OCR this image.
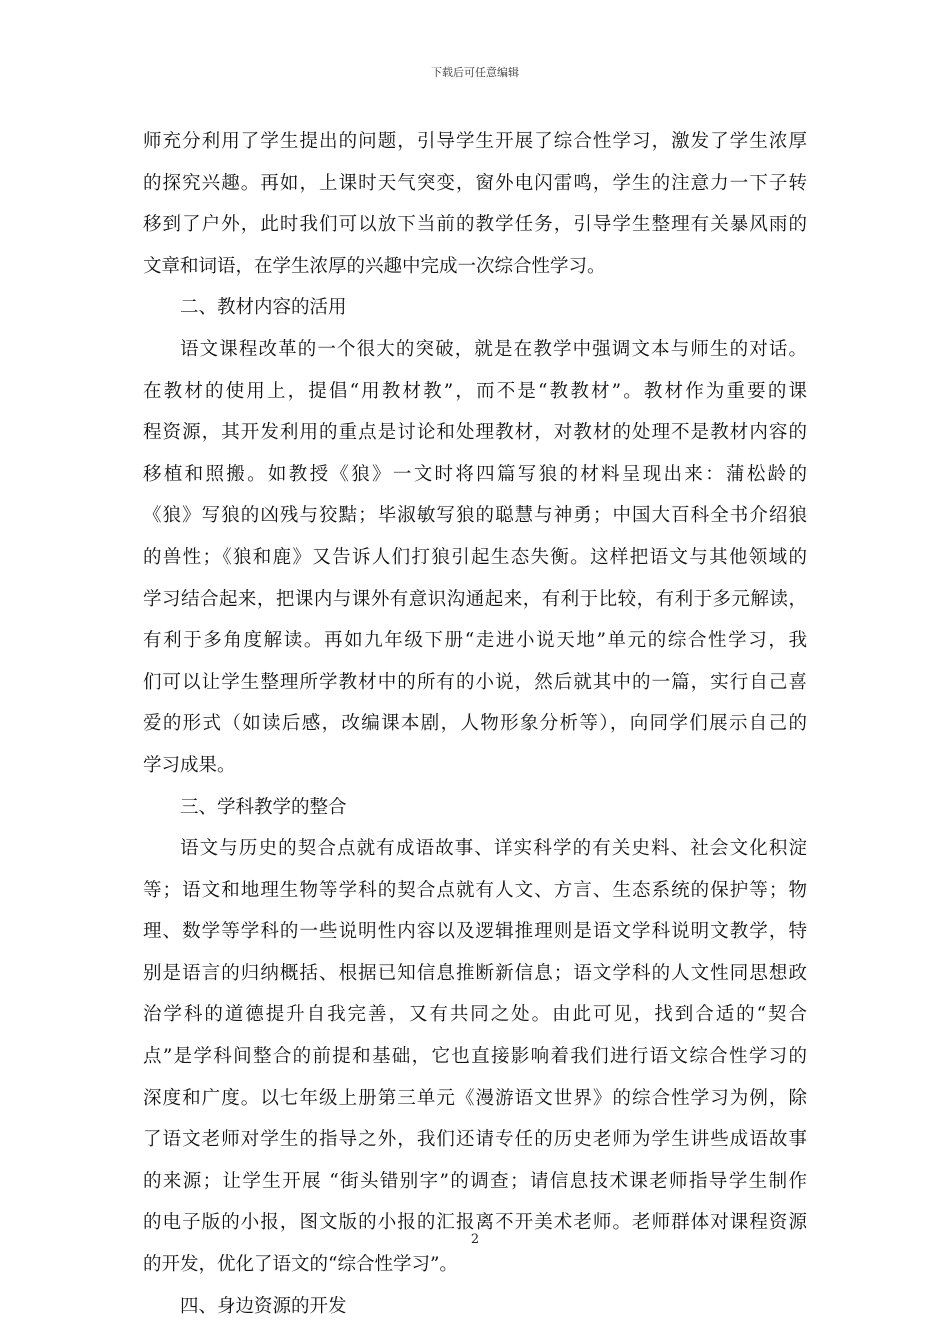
下载后可任意编辑
师充分利用了学生提出的问题，引导学生开展了综合性学习，激发了学生浓厚
的探究兴趣。再如，上课时天气突变，窗外电闪雷鸣，学生的注意力一下子转
移到了户外，此时我们可以放下当前的教学任务，引导学生整理有关暴风雨的
文章和词语，在学生浓厚的兴趣中完成一次综合性学习。
二、教材内容的活用
语文课程改革的一个很大的突破，就是在教学中强调文本与师生的对话。
在教材的使用上，提倡“用教材教”，而不是“教教材”。教材作为重要的课
程资源，其开发利用的重点是讨论和处理教材，对教材的处理不是教材内容的
移植和照搬。如教授《狼》一文时将四篇写狼的材料呈现出来：蒲松龄的
《狼》写狼的凶残与狡黠；毕淑敏写狼的聪慧与神勇；中国大百科全书介绍狼
的兽性；《狼和鹿》又告诉人们打狼引起生态失衡。这样把语文与其他领域的
学习结合起来，把课内与课外有意识沟通起来，有利于比较，有利于多元解读，
有利于多角度解读。再如九年级下册“走进小说天地”单元的综合性学习，我
们可以让学生整理所学教材中的所有的小说，然后就其中的一篇，实行自己喜
爱的形式（如读后感，改编课本剧，人物形象分析等），向同学们展示自己的
学习成果。
三、学科教学的整合
语文与历史的契合点就有成语故事、详实科学的有关史料、社会文化积淀
等；语文和地理生物等学科的契合点就有人文、方言、生态系统的保护等；物
理、数学等学科的一些说明性内容以及逻辑推理则是语文学科说明文教学，特
别是语言的归纳概括、根据已知信息推断新信息；语文学科的人文性同思想政
治学科的道德提升自我完善，又有共同之处。由此可见，找到合适的“契合
点”是学科间整合的前提和基础，它也直接影响着我们进行语文综合性学习的
深度和广度。以七年级上册第三单元《漫游语文世界》的综合性学习为例，除
了语文老师对学生的指导之外，我们还请专任的历史老师为学生讲些成语故事
的来源；让学生开展 “街头错别字”的调查；请信息技术课老师指导学生制作
的电子版的小报，图文版的小报的汇报离不开美术老师。老师群体对课程资源
的开发，优化了语文的“综合性学习”。
四、身边资源的开发
2
